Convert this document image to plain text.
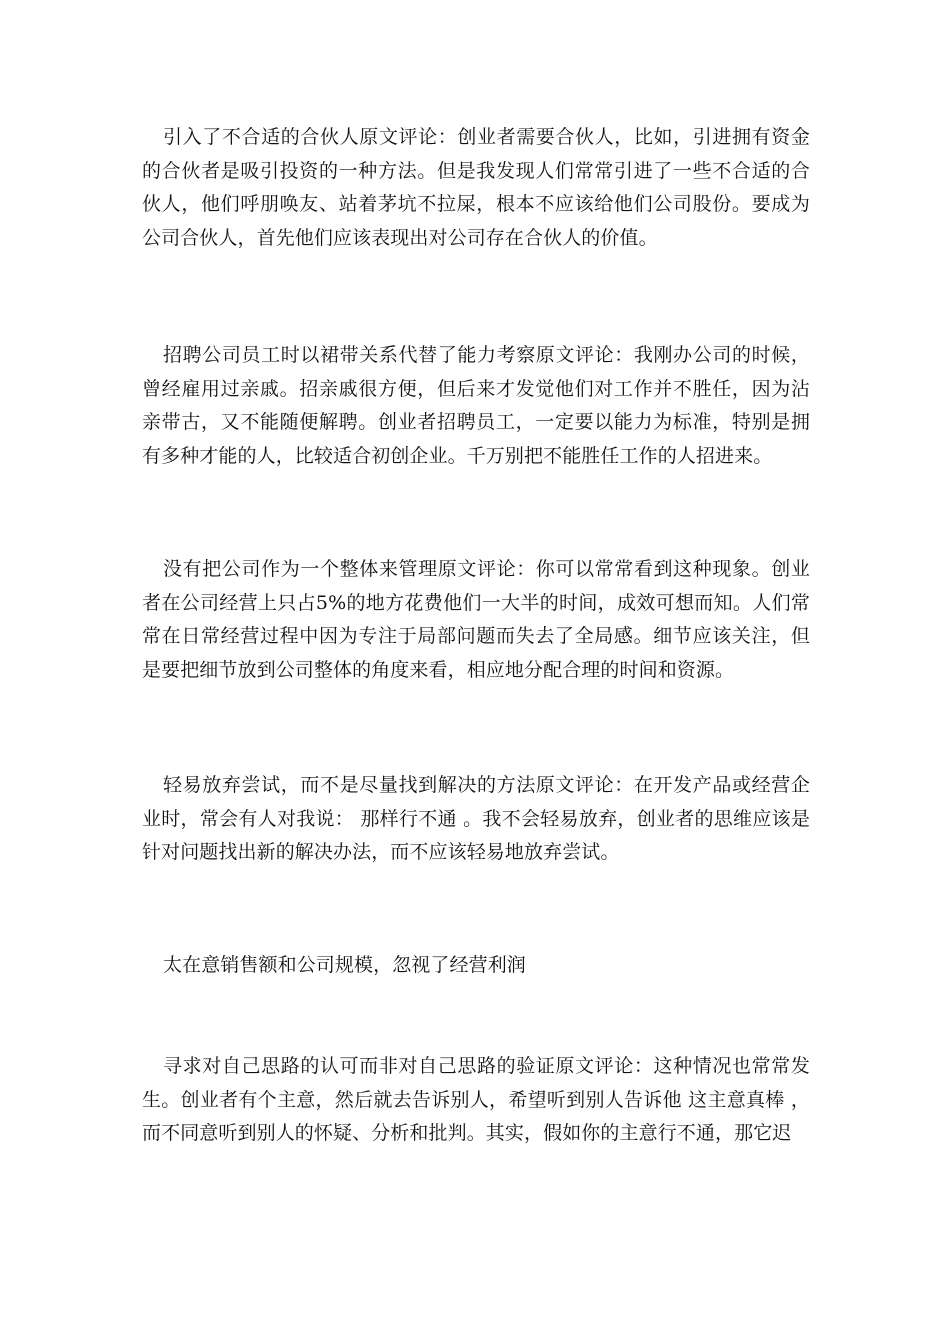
引入了不合适的合伙人原文评论：创业者需要合伙人，比如，引进拥有资金的合伙者是吸引投资的一种方法。但是我发现人们常常引进了一些不合适的合伙人，他们呼朋唤友、站着茅坑不拉屎，根本不应该给他们公司股份。要成为公司合伙人，首先他们应该表现出对公司存在合伙人的价值。

招聘公司员工时以裙带关系代替了能力考察原文评论：我刚办公司的时候，曾经雇用过亲戚。招亲戚很方便，但后来才发觉他们对工作并不胜任，因为沾亲带古，又不能随便解聘。创业者招聘员工，一定要以能力为标准，特别是拥有多种才能的人，比较适合初创企业。千万别把不能胜任工作的人招进来。

没有把公司作为一个整体来管理原文评论：你可以常常看到这种现象。创业者在公司经营上只占5%的地方花费他们一大半的时间，成效可想而知。人们常常在日常经营过程中因为专注于局部问题而失去了全局感。细节应该关注，但是要把细节放到公司整体的角度来看，相应地分配合理的时间和资源。

轻易放弃尝试，而不是尽量找到解决的方法原文评论：在开发产品或经营企业时，常会有人对我说： 那样行不通 。我不会轻易放弃，创业者的思维应该是针对问题找出新的解决办法，而不应该轻易地放弃尝试。

太在意销售额和公司规模，忽视了经营利润

寻求对自己思路的认可而非对自己思路的验证原文评论：这种情况也常常发生。创业者有个主意，然后就去告诉别人，希望听到别人告诉他 这主意真棒 ，而不同意听到别人的怀疑、分析和批判。其实，假如你的主意行不通，那它迟
